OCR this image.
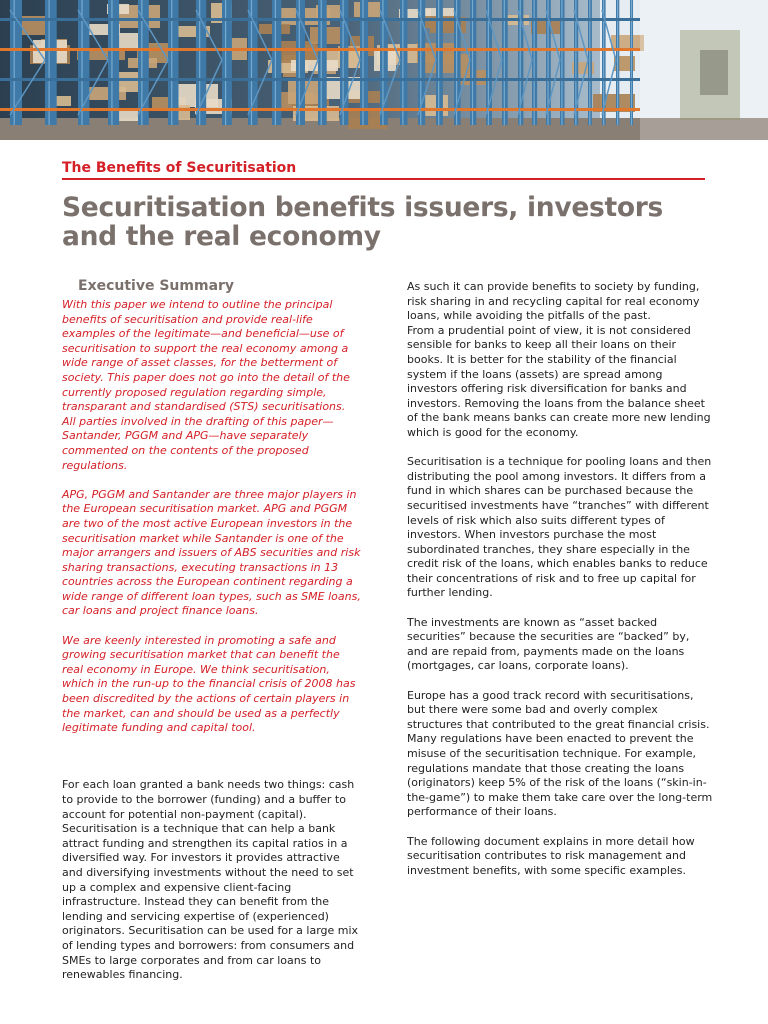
The Benefits of Securitisation
Securitisation benefits issuers, investors
and the real economy
Executive Summary

With this paper we intend to outline the principal benefits of securitisation and provide real-life examples of the legitimate—and beneficial—use of securitisation to support the real economy among a wide range of asset classes, for the betterment of society. This paper does not go into the detail of the currently proposed regulation regarding simple, transparant and standardised (STS) securitisations. All parties involved in the drafting of this paper—Santander, PGGM and APG—have separately commented on the contents of the proposed regulations.

APG, PGGM and Santander are three major players in the European securitisation market. APG and PGGM are two of the most active European investors in the securitisation market while Santander is one of the major arrangers and issuers of ABS securities and risk sharing transactions, executing transactions in 13 countries across the European continent regarding a wide range of different loan types, such as SME loans, car loans and project finance loans.

We are keenly interested in promoting a safe and growing securitisation market that can benefit the real economy in Europe. We think securitisation, which in the run-up to the financial crisis of 2008 has been discredited by the actions of certain players in the market, can and should be used as a perfectly legitimate funding and capital tool.

For each loan granted a bank needs two things: cash to provide to the borrower (funding) and a buffer to account for potential non-payment (capital). Securitisation is a technique that can help a bank attract funding and strengthen its capital ratios in a diversified way. For investors it provides attractive and diversifying investments without the need to set up a complex and expensive client-facing infrastructure. Instead they can benefit from the lending and servicing expertise of (experienced) originators. Securitisation can be used for a large mix of lending types and borrowers: from consumers and SMEs to large corporates and from car loans to renewables financing.

As such it can provide benefits to society by funding, risk sharing in and recycling capital for real economy loans, while avoiding the pitfalls of the past.

From a prudential point of view, it is not considered sensible for banks to keep all their loans on their books. It is better for the stability of the financial system if the loans (assets) are spread among investors offering risk diversification for banks and investors. Removing the loans from the balance sheet of the bank means banks can create more new lending which is good for the economy.

Securitisation is a technique for pooling loans and then distributing the pool among investors. It differs from a fund in which shares can be purchased because the securitised investments have “tranches” with different levels of risk which also suits different types of investors. When investors purchase the most subordinated tranches, they share especially in the credit risk of the loans, which enables banks to reduce their concentrations of risk and to free up capital for further lending.

The investments are known as “asset backed securities” because the securities are “backed” by, and are repaid from, payments made on the loans (mortgages, car loans, corporate loans).

Europe has a good track record with securitisations, but there were some bad and overly complex structures that contributed to the great financial crisis. Many regulations have been enacted to prevent the misuse of the securitisation technique. For example, regulations mandate that those creating the loans (originators) keep 5% of the risk of the loans (“skin-in-the-game”) to make them take care over the long-term performance of their loans.

The following document explains in more detail how securitisation contributes to risk management and investment benefits, with some specific examples.
